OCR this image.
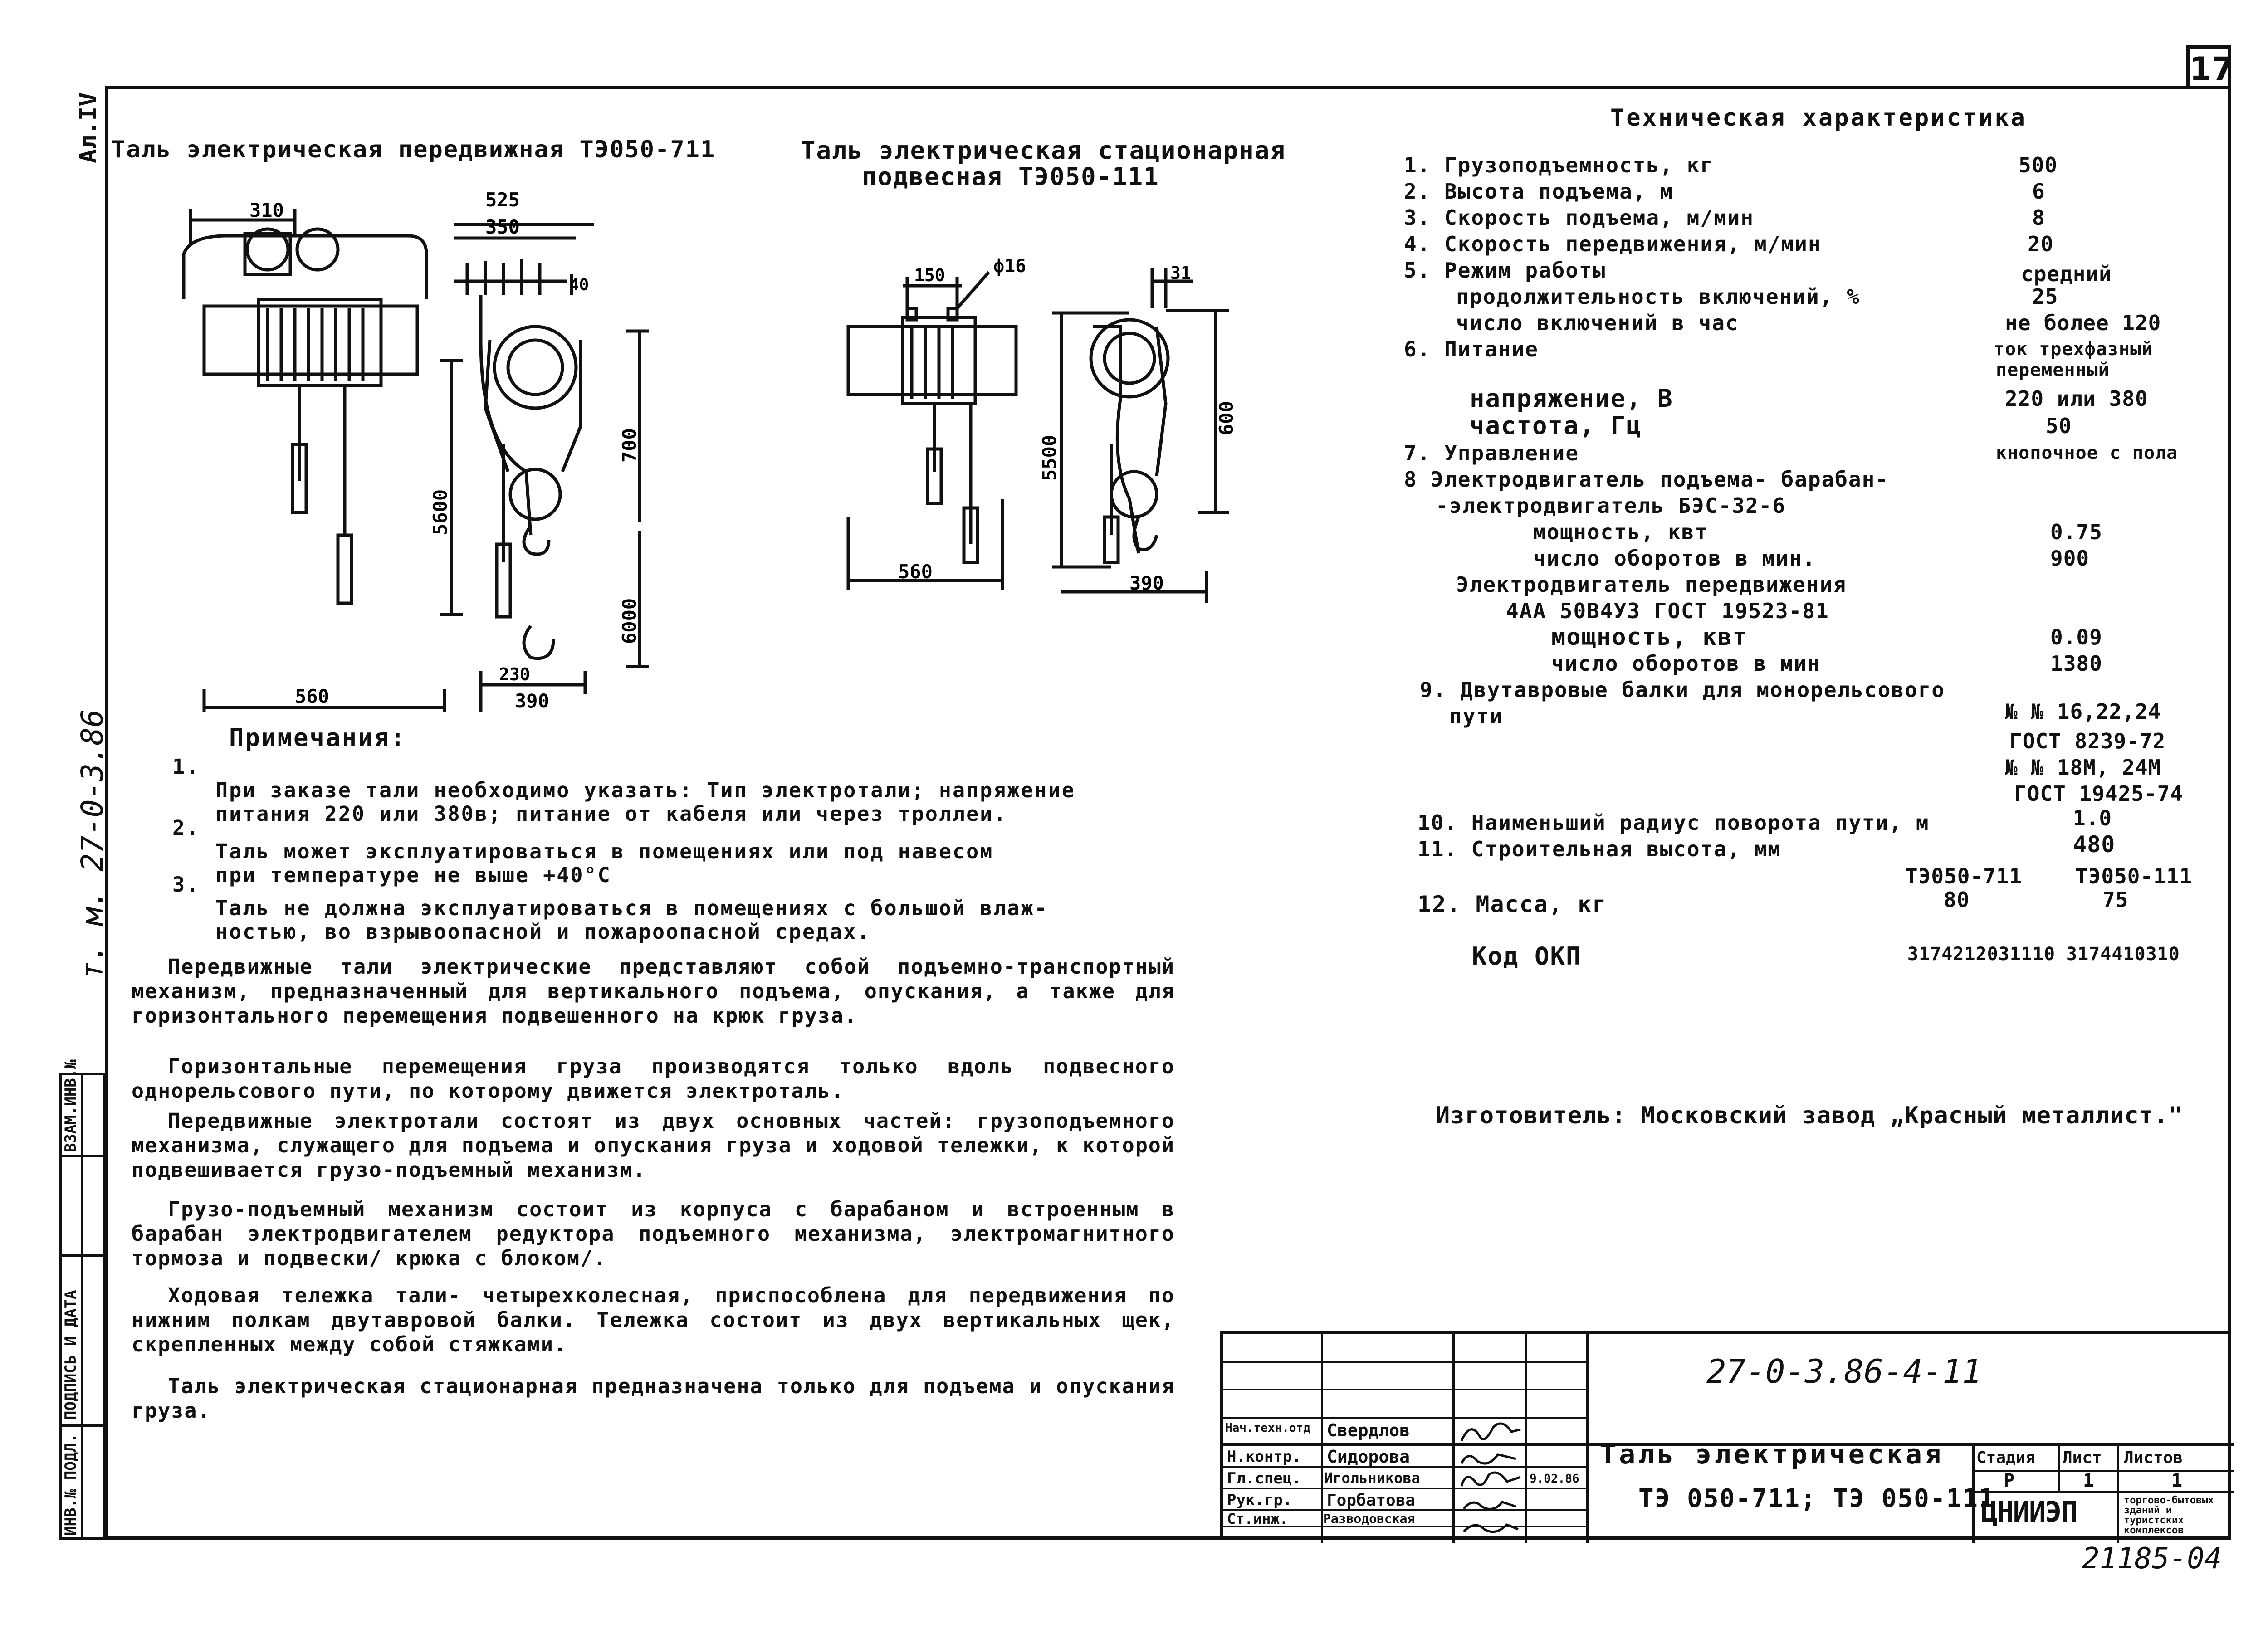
17
Ал.IV
т. м. 27-0-3.86
ВЗАМ.ИНВ.№
ПОДПИСЬ И ДАТА
ИНВ.№ ПОДЛ.
Таль электрическая передвижная ТЭ050-711	Таль электрическая стационарная
подвесная ТЭ050-111
310	525
350
40
560
230
390
5600
700
6000
150	ф16	31
560
390
5500
600
Примечания:

1.
При заказе тали необходимо указать: Тип электротали; напряжение
питания 220 или 380в; питание от кабеля или через троллеи.

2.
Таль может эксплуатироваться в помещениях или под навесом
при температуре не выше +40°С

3.
Таль не должна эксплуатироваться в помещениях с большой влаж-
ностью, во взрывоопасной и пожароопасной средах.

Передвижные тали электрические представляют собой подъемно-транспортный механизм, предназначенный для вертикального подъема, опускания, а также для горизонтального перемещения подвешенного на крюк груза.
Горизонтальные перемещения груза производятся только вдоль подвесного однорельсового пути, по которому движется электроталь.
Передвижные электротали состоят из двух основных частей: грузоподъемного механизма, служащего для подъема и опускания груза и ходовой тележки, к которой подвешивается грузо-подъемный механизм.
Грузо-подъемный механизм состоит из корпуса с барабаном и встроенным в барабан электродвигателем редуктора подъемного механизма, электромагнитного тормоза и подвески/ крюка с блоком/.
Ходовая тележка тали- четырехколесная, приспособлена для передвижения по нижним полкам двутавровой балки. Тележка состоит из двух вертикальных щек, скрепленных между собой стяжками.
Таль электрическая стационарная предназначена только для подъема и опускания груза.
Техническая характеристика
1. Грузоподъемность, кг	500
2. Высота подъема, м	6
3. Скорость подъема, м/мин	8
4. Скорость передвижения, м/мин	20
5. Режим работы	средний
продолжительность включений, %	25
число включений в час	не более 120
6. Питание	ток трехфазный
переменный
напряжение, В	220 или 380
частота, Гц	50
7. Управление	кнопочное с пола
8 Электродвигатель подъема- барабан-
-электродвигатель БЭС-32-6
мощность, квт	0.75
число оборотов в мин.	900
Электродвигатель передвижения
4АА 50В4У3 ГОСТ 19523-81
мощность, квт	0.09
число оборотов в мин	1380
9. Двутавровые балки для монорельсового
пути	№ № 16,22,24
ГОСТ 8239-72
№ № 18М, 24М
ГОСТ 19425-74
10. Наименьший радиус поворота пути, м	1.0
11. Строительная высота, мм	480
ТЭ050-711	ТЭ050-111
12. Масса, кг	80	75
Код ОКП	3174212031110 3174410310
Изготовитель: Московский завод „Красный металлист."
27-0-3.86-4-11
Таль электрическая
ТЭ 050-711; ТЭ 050-111
Стадия Лист Листов
Р	1	1
ЦНИИЭП	торгово-бытовых зданий и туристских комплексов
Нач.техн.отд Свердлов
Н.контр. Сидорова
Гл.спец. Игольникова
Рук.гр. Горбатова
Ст.инж.	Разводовская
9.02.86
21185-04
